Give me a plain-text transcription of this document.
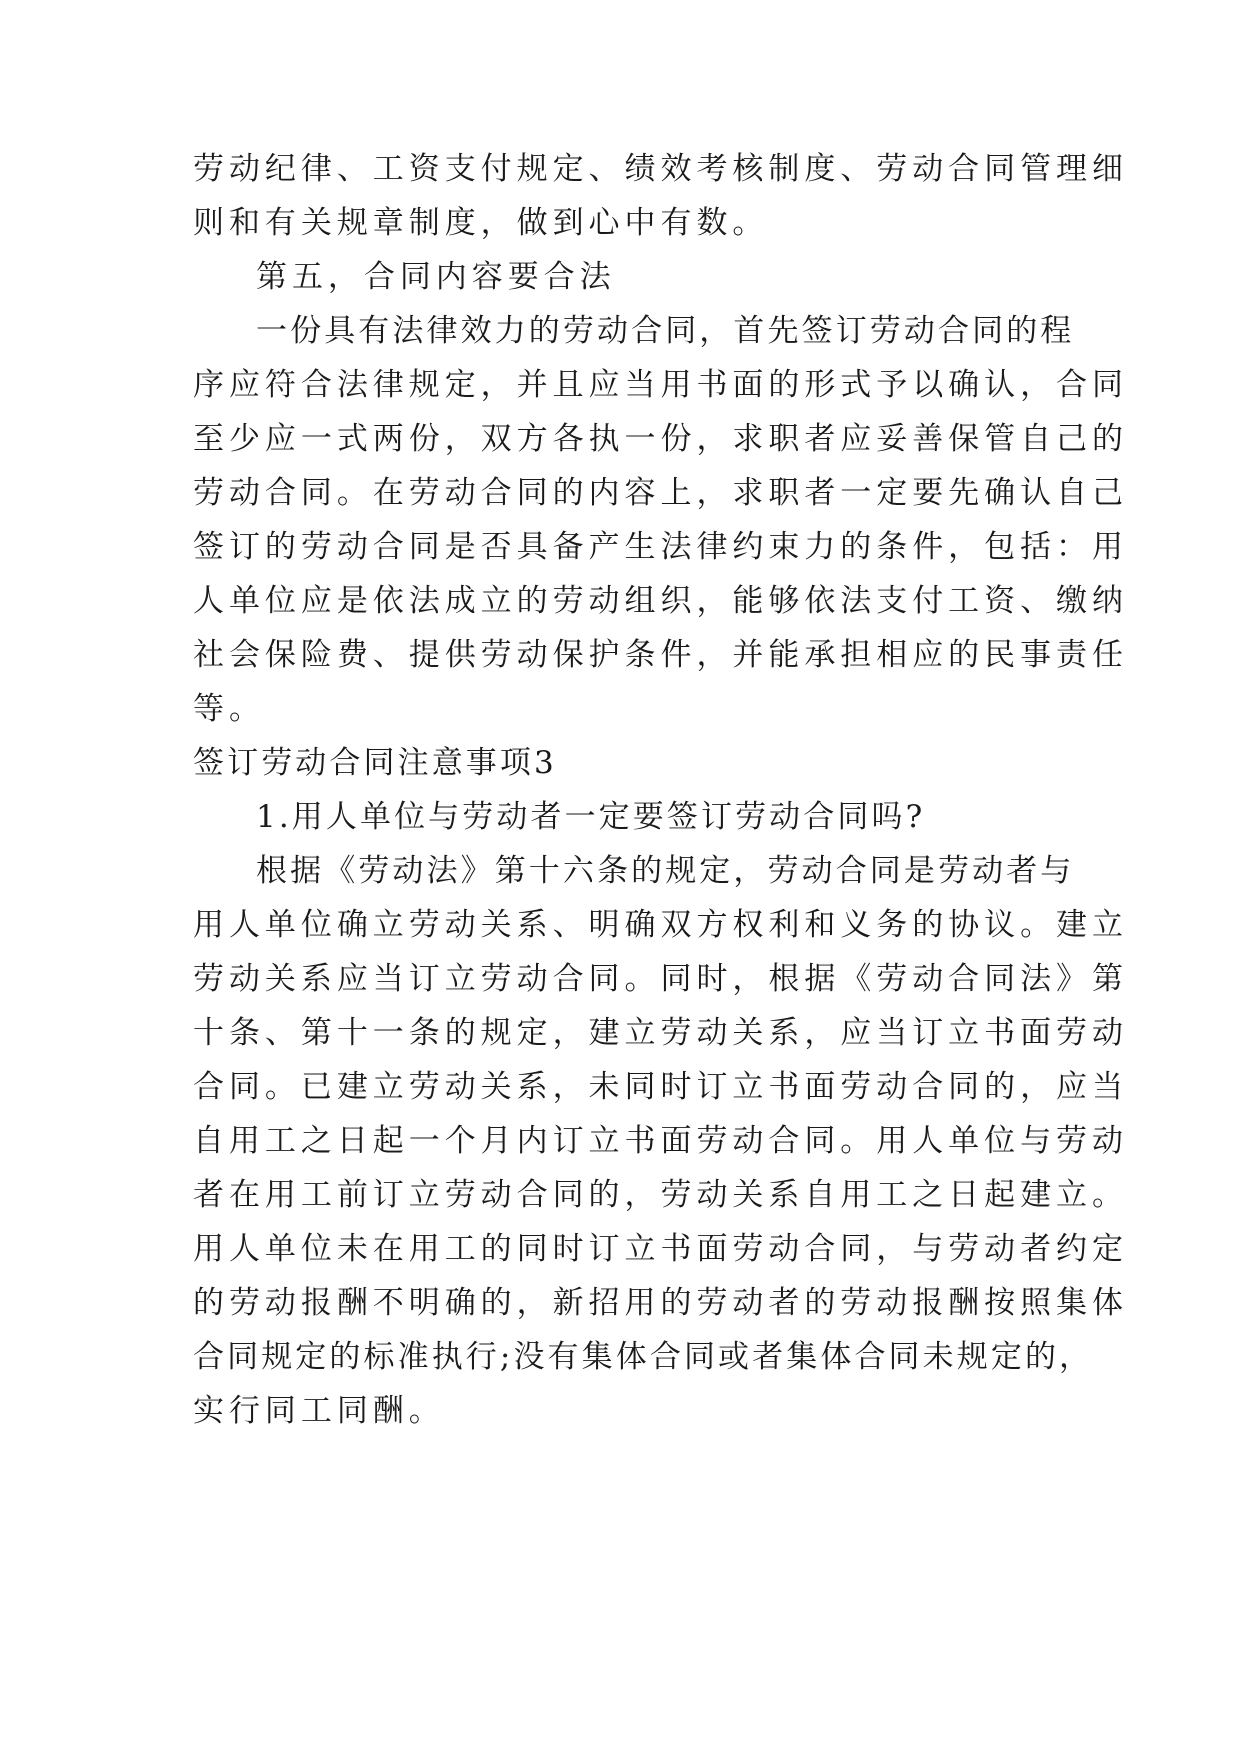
劳动纪律、工资支付规定、绩效考核制度、劳动合同管理细
则和有关规章制度，做到心中有数。
第五，合同内容要合法
一份具有法律效力的劳动合同，首先签订劳动合同的程
序应符合法律规定，并且应当用书面的形式予以确认，合同
至少应一式两份，双方各执一份，求职者应妥善保管自己的
劳动合同。在劳动合同的内容上，求职者一定要先确认自己
签订的劳动合同是否具备产生法律约束力的条件，包括：用
人单位应是依法成立的劳动组织，能够依法支付工资、缴纳
社会保险费、提供劳动保护条件，并能承担相应的民事责任
等。
签订劳动合同注意事项3
1.用人单位与劳动者一定要签订劳动合同吗?
根据《劳动法》第十六条的规定，劳动合同是劳动者与
用人单位确立劳动关系、明确双方权利和义务的协议。建立
劳动关系应当订立劳动合同。同时，根据《劳动合同法》第
十条、第十一条的规定，建立劳动关系，应当订立书面劳动
合同。已建立劳动关系，未同时订立书面劳动合同的，应当
自用工之日起一个月内订立书面劳动合同。用人单位与劳动
者在用工前订立劳动合同的，劳动关系自用工之日起建立。
用人单位未在用工的同时订立书面劳动合同，与劳动者约定
的劳动报酬不明确的，新招用的劳动者的劳动报酬按照集体
合同规定的标准执行;没有集体合同或者集体合同未规定的，
实行同工同酬。
